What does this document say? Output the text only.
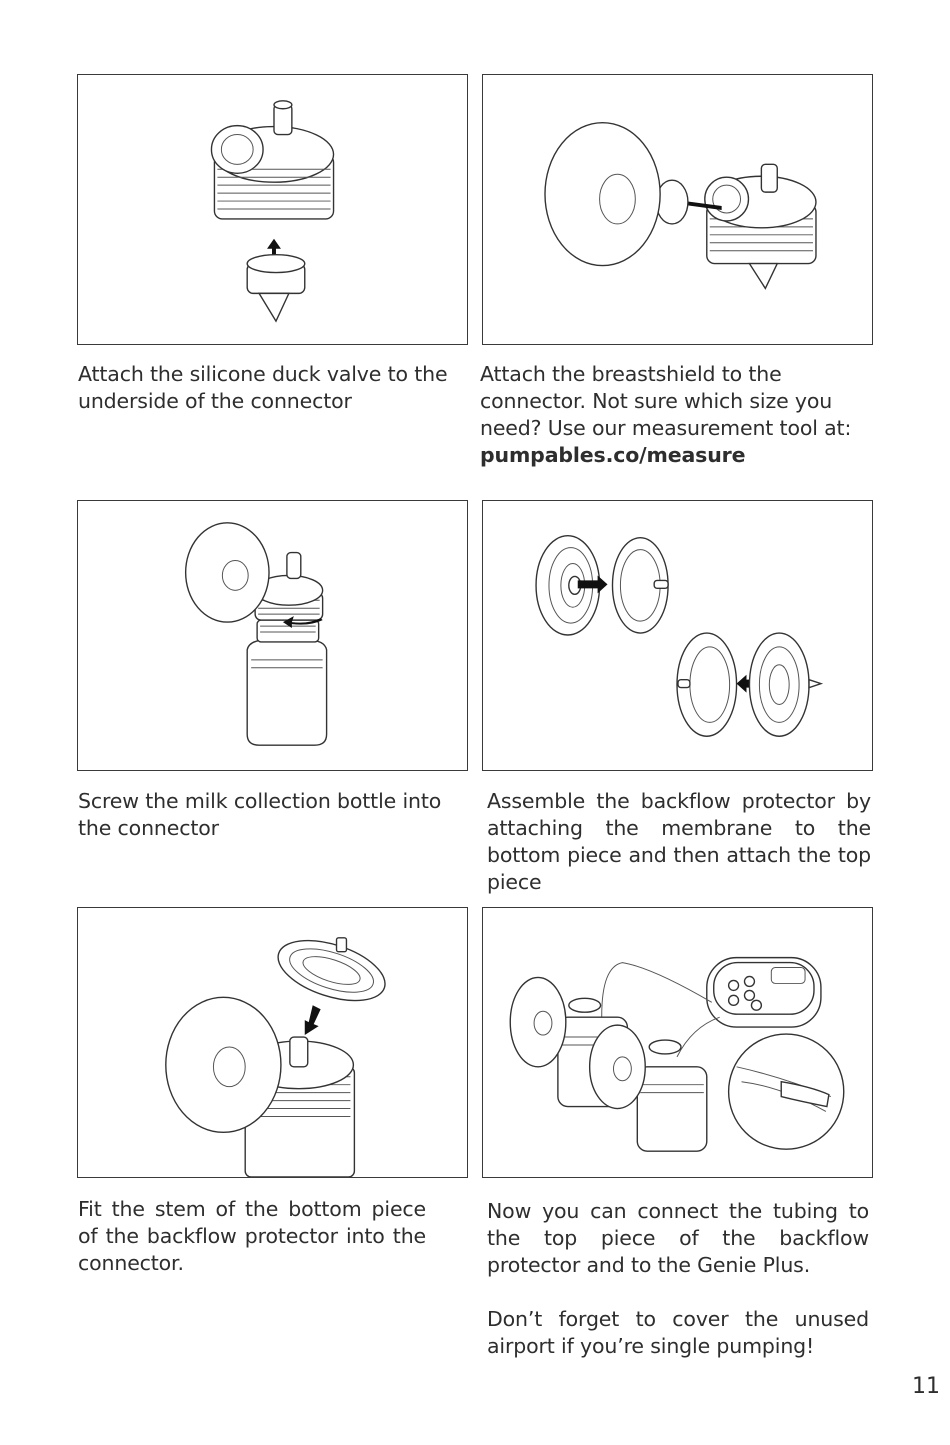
Attach the silicone duck valve to the underside of the connector

Attach the breastshield to the connector. Not sure which size you need? Use our measurement tool at:

pumpables.co/measure

Screw the milk collection bottle into the connector

Assemble the backflow protector by attaching the membrane to the bottom piece and then attach the top piece

Fit the stem of the bottom piece of the backflow protector into the connector.

Now you can connect the tubing to the top piece of the backflow protector and to the Genie Plus.

Don’t forget to cover the unused airport if you’re single pumping!

11
